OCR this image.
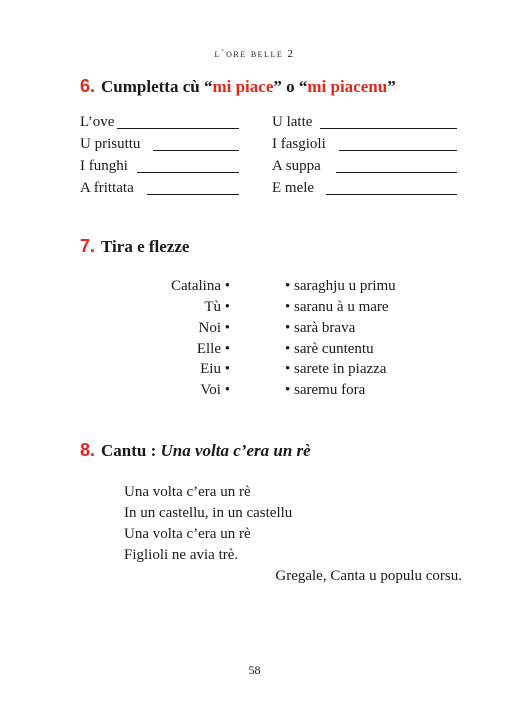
l´ore belle 2
6. Cumpletta cù “mi piace” o “mi piacenu”
L’ove
U prisuttu
I funghi
A frittata
U latte
I fasgioli
A suppa
E mele
7. Tira e flezze
Catalina •
Tù •
Noi •
Elle •
Eiu •
Voi •
• saraghju u primu
• saranu à u mare
• sarà brava
• sarè cuntentu
• sarete in piazza
• saremu fora
8. Cantu : Una volta c’era un rè
Una volta c’era un rè
In un castellu, in un castellu
Una volta c’era un rè
Figlioli ne avia trè.
Gregale, Canta u populu corsu.
58
